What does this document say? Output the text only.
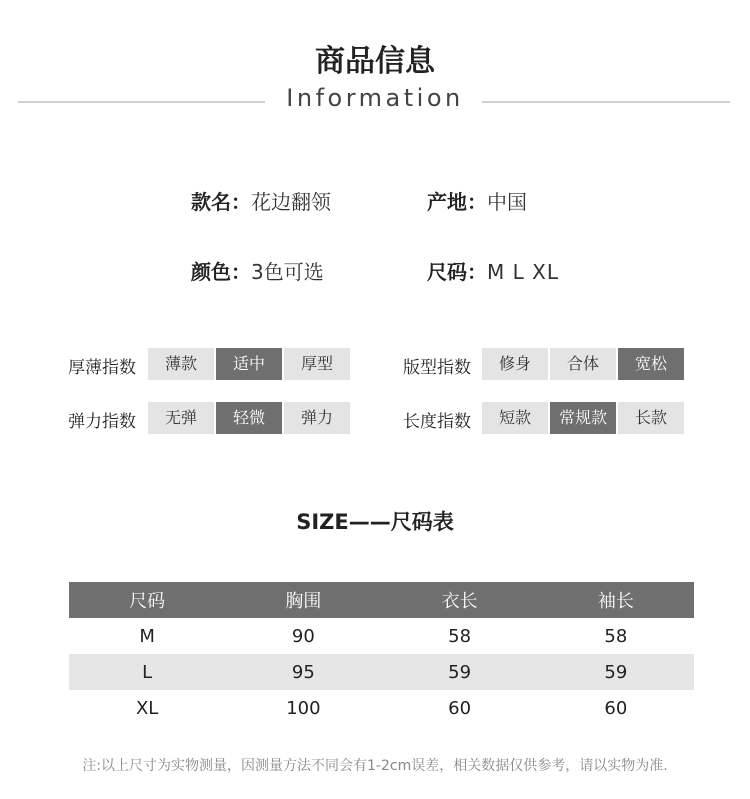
商品信息
Information
款名：花边翻领	产地：中国
颜色：3色可选	尺码：M L XL
厚薄指数	薄款	适中	厚型	版型指数	修身	合体	宽松
弹力指数	无弹	轻微	弹力	长度指数	短款	常规款	长款
SIZE——尺码表
尺码	胸围	衣长	袖长
M	90	58	58
L	95	59	59
XL	100	60	60
注:以上尺寸为实物测量，因测量方法不同会有1-2cm误差，相关数据仅供参考，请以实物为准.
